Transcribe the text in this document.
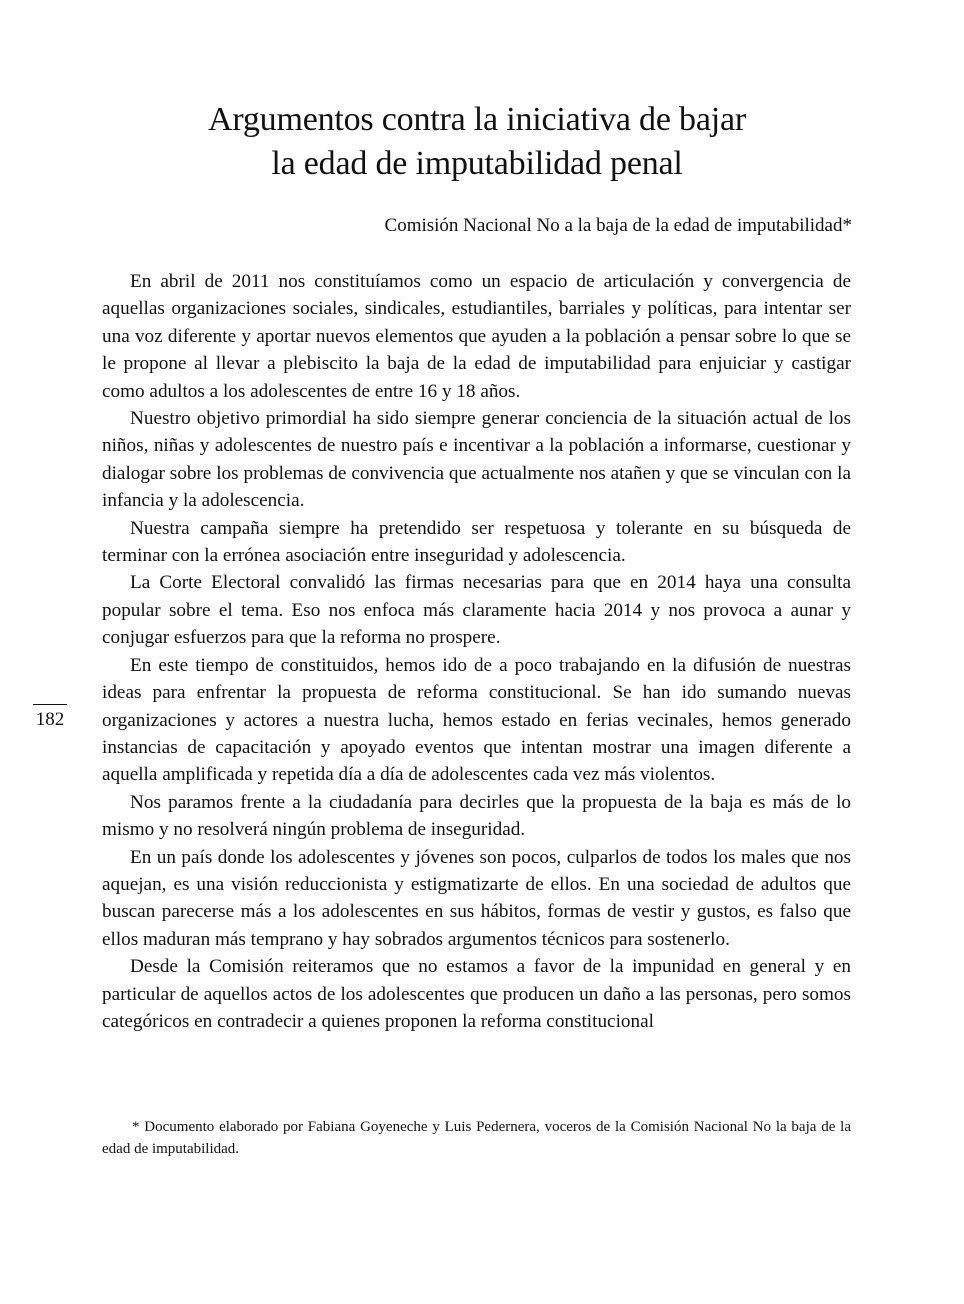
Argumentos contra la iniciativa de bajar
la edad de imputabilidad penal
Comisión Nacional No a la baja de la edad de imputabilidad*

En abril de 2011 nos constituíamos como un espacio de articulación y convergencia de aquellas organizaciones sociales, sindicales, estudiantiles, barriales y políticas, para intentar ser una voz diferente y aportar nuevos elementos que ayuden a la población a pensar sobre lo que se le propone al llevar a plebiscito la baja de la edad de imputabilidad para enjuiciar y castigar como adultos a los adolescentes de entre 16 y 18 años.

Nuestro objetivo primordial ha sido siempre generar conciencia de la situación actual de los niños, niñas y adolescentes de nuestro país e incentivar a la población a informarse, cuestionar y dialogar sobre los problemas de convivencia que actualmente nos atañen y que se vinculan con la infancia y la adolescencia.

Nuestra campaña siempre ha pretendido ser respetuosa y tolerante en su búsqueda de terminar con la errónea asociación entre inseguridad y adolescencia.

La Corte Electoral convalidó las firmas necesarias para que en 2014 haya una consulta popular sobre el tema. Eso nos enfoca más claramente hacia 2014 y nos provoca a aunar y conjugar esfuerzos para que la reforma no prospere.

En este tiempo de constituidos, hemos ido de a poco trabajando en la difusión de nuestras ideas para enfrentar la propuesta de reforma constitucional. Se han ido sumando nuevas organizaciones y actores a nuestra lucha, hemos estado en ferias vecinales, hemos generado instancias de capacitación y apoyado eventos que intentan mostrar una imagen diferente a aquella amplificada y repetida día a día de adolescentes cada vez más violentos.

Nos paramos frente a la ciudadanía para decirles que la propuesta de la baja es más de lo mismo y no resolverá ningún problema de inseguridad.

En un país donde los adolescentes y jóvenes son pocos, culparlos de todos los males que nos aquejan, es una visión reduccionista y estigmatizarte de ellos. En una sociedad de adultos que buscan parecerse más a los adolescentes en sus hábitos, formas de vestir y gustos, es falso que ellos maduran más temprano y hay sobrados argumentos técnicos para sostenerlo.

Desde la Comisión reiteramos que no estamos a favor de la impunidad en general y en particular de aquellos actos de los adolescentes que producen un daño a las personas, pero somos categóricos en contradecir a quienes proponen la reforma constitucional

182

* Documento elaborado por Fabiana Goyeneche y Luis Pedernera, voceros de la Comisión Nacional No la baja de la edad de imputabilidad.
